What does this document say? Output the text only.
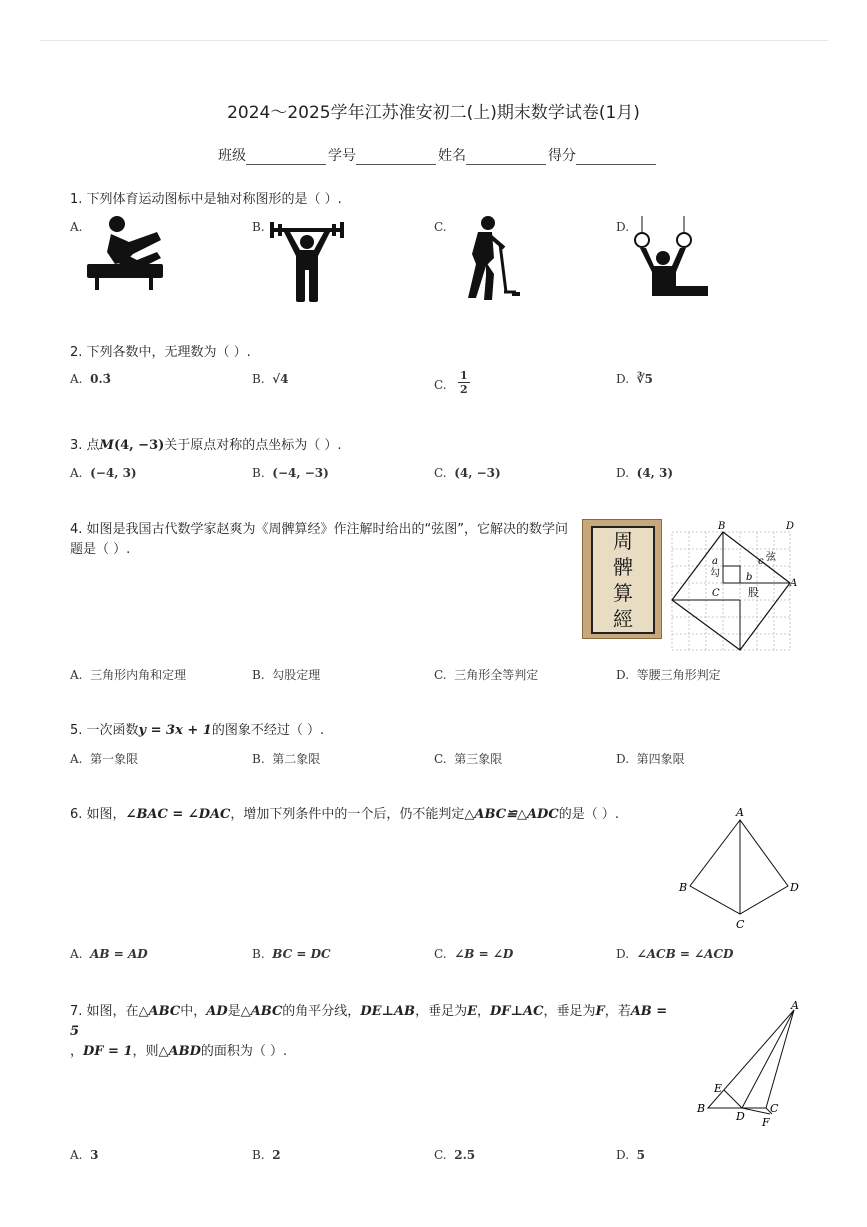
2024～2025学年江苏淮安初二(上)期末数学试卷(1月)
班级	学号	姓名	得分
1. 下列体育运动图标中是轴对称图形的是（ ）.
A.	B.	C.	D.
2. 下列各数中，无理数为（ ）.
A. 0.3̇	B. √4	C. $\frac{1}{2}$	D. ∛5
3. 点M(4, −3)关于原点对称的点坐标为（ ）.
A. (−4, 3)	B. (−4, −3)	C. (4, −3)	D. (4, 3)
4. 如图是我国古代数学家赵爽为《周髀算经》作注解时给出的“弦图”，它解决的数学问
题是（ ）.	周
髀
算
經
B	D
A
C
a
b
c
勾
股
弦
A. 三角形内角和定理	B. 勾股定理	C. 三角形全等判定	D. 等腰三角形判定
5. 一次函数y = 3x + 1的图象不经过（ ）.
A. 第一象限	B. 第二象限	C. 第三象限	D. 第四象限
6. 如图，∠BAC = ∠DAC，增加下列条件中的一个后，仍不能判定△ABC≌△ADC的是（ ）.	A
B
C
D
A. AB = AD	B. BC = DC	C. ∠B = ∠D	D. ∠ACB = ∠ACD
7. 如图，在△ABC中，AD是△ABC的角平分线，DE⊥AB，垂足为E，DF⊥AC，垂足为F，若AB = 5
，DF = 1，则△ABD的面积为（ ）.
A
B	C
D
E
F
A. 3	B. 2	C. 2.5	D. 5
